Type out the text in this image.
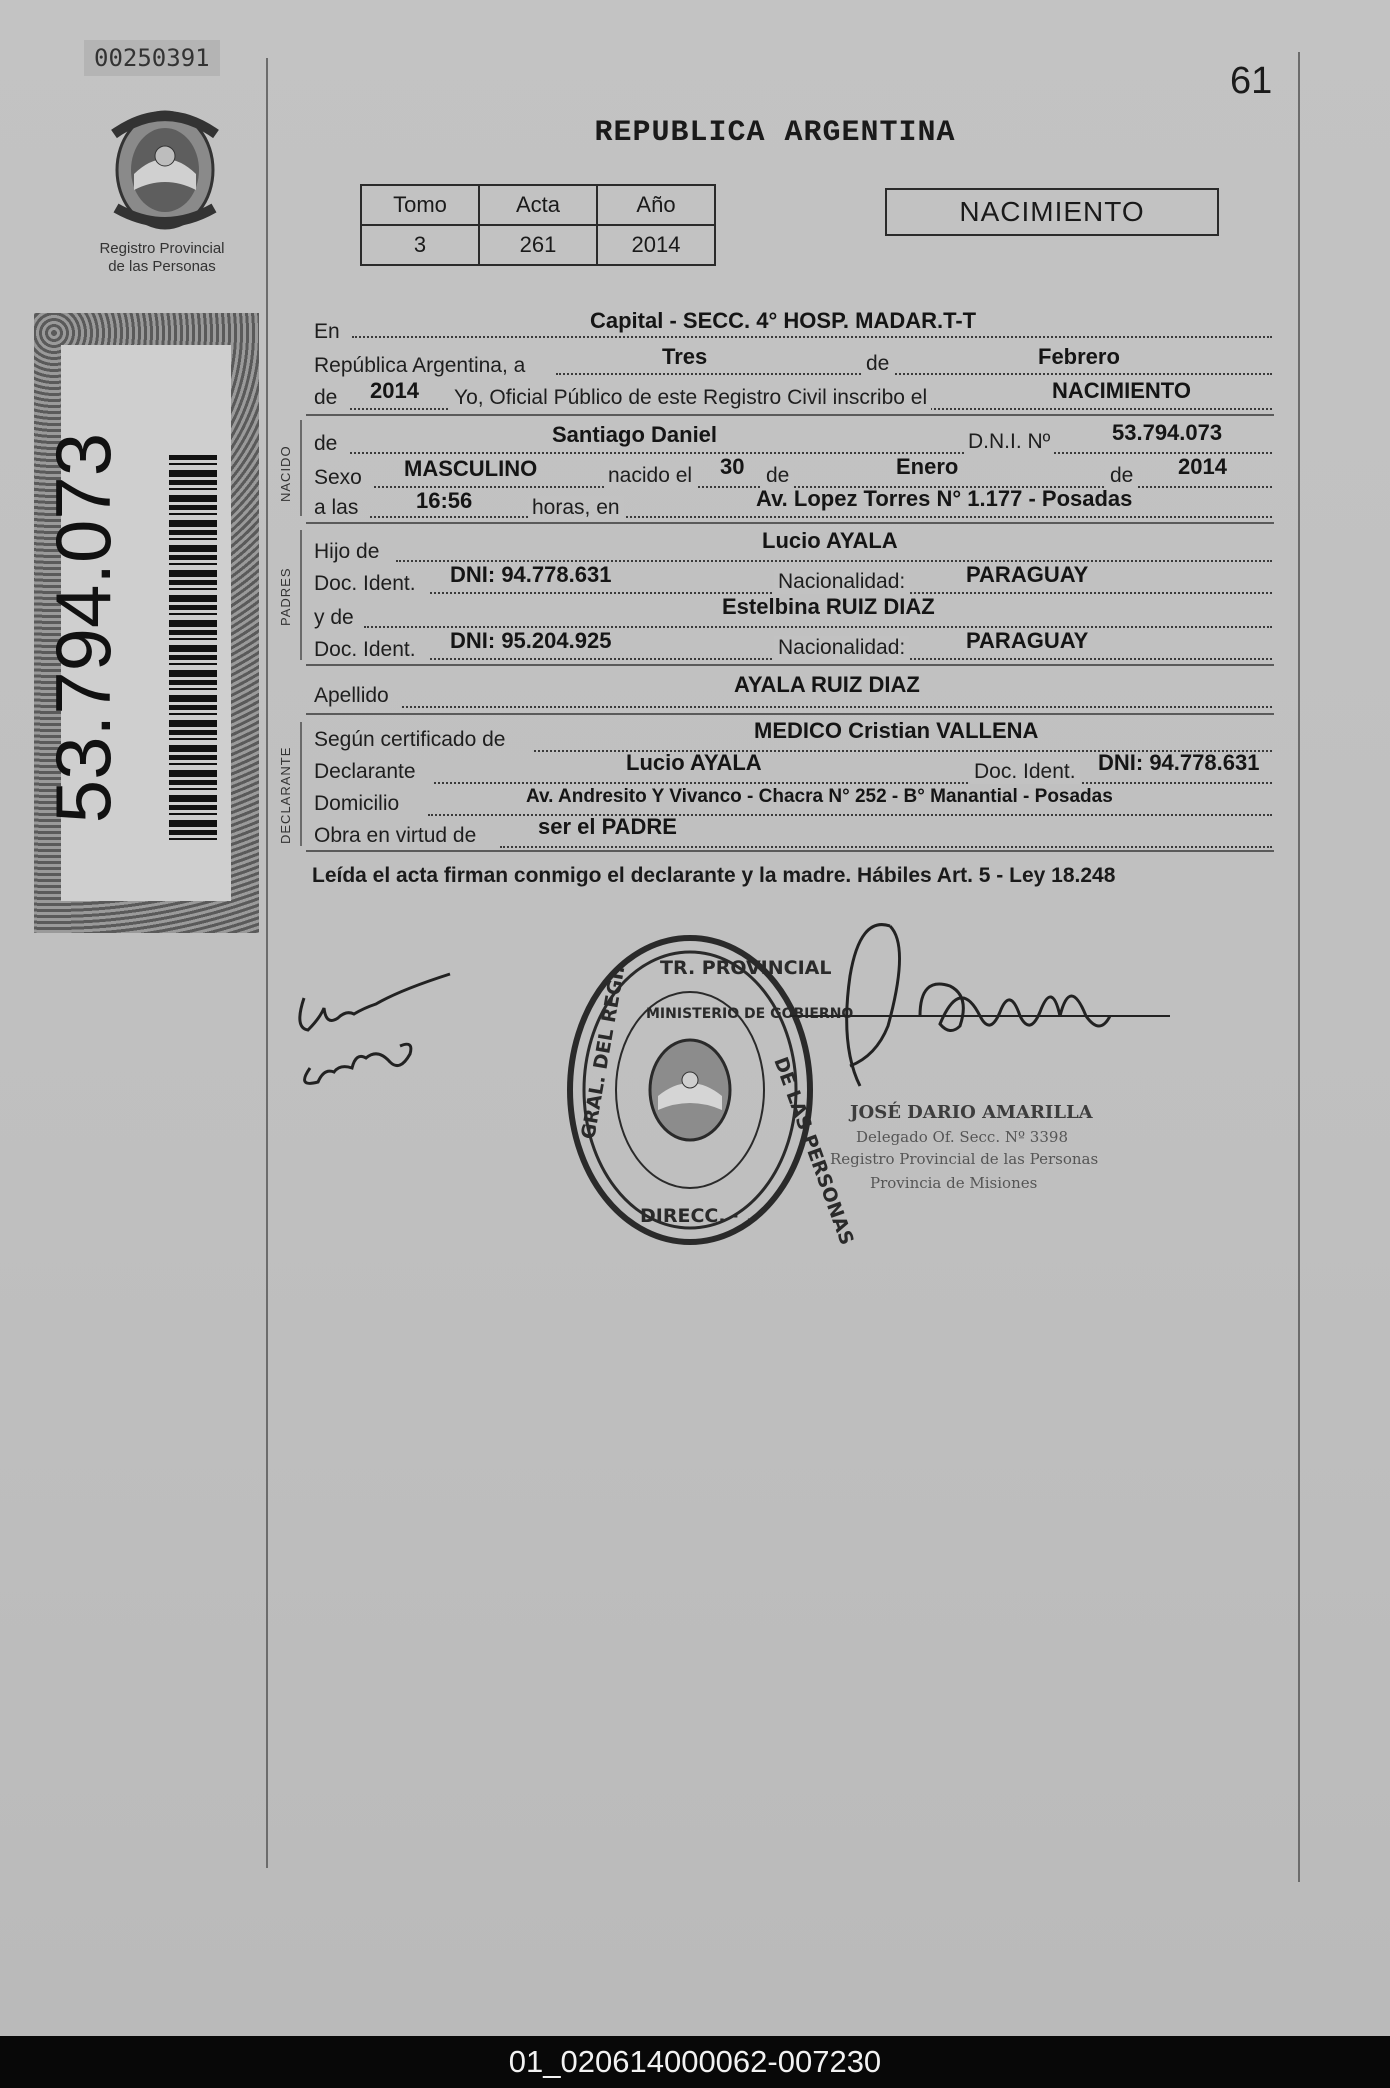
00250391
61
REPUBLICA ARGENTINA
Registro Provincial
de las Personas
Tomo	Acta	Año
3	261	2014
NACIMIENTO
53.794.073	NACIDO
PADRES
DECLARANTE
En	Capital - SECC. 4° HOSP. MADAR.T-T
República Argentina, a	Tres	de	Febrero
de 2014 Yo, Oficial Público de este Registro Civil inscribo el	NACIMIENTO
de	Santiago Daniel	D.N.I. Nº	53.794.073
Sexo MASCULINO	nacido el 30 de	Enero	de 2014
a las	16:56	horas, en	Av. Lopez Torres N° 1.177 - Posadas
Hijo de	Lucio AYALA
Doc. Ident. DNI: 94.778.631	Nacionalidad:	PARAGUAY
y de	Estelbina RUIZ DIAZ
Doc. Ident. DNI: 95.204.925	Nacionalidad:	PARAGUAY
Apellido	AYALA RUIZ DIAZ
Según certificado de	MEDICO Cristian VALLENA
Declarante	Lucio AYALA	Doc. Ident. DNI: 94.778.631
Domicilio	Av. Andresito Y Vivanco - Chacra N° 252 - B° Manantial - Posadas
Obra en virtud de	ser el PADRE
Leída el acta firman conmigo el declarante y la madre. Hábiles Art. 5 - Ley 18.248
TR. PROVINCIAL
GRAL. DEL REGI.
DE LAS PERSONAS
DIRECC. · .
MINISTERIO DE GOBIERNO
JOSÉ DARIO AMARILLA
Delegado Of. Secc. Nº 3398
Registro Provincial de las Personas
Provincia de Misiones
01_020614000062-007230
